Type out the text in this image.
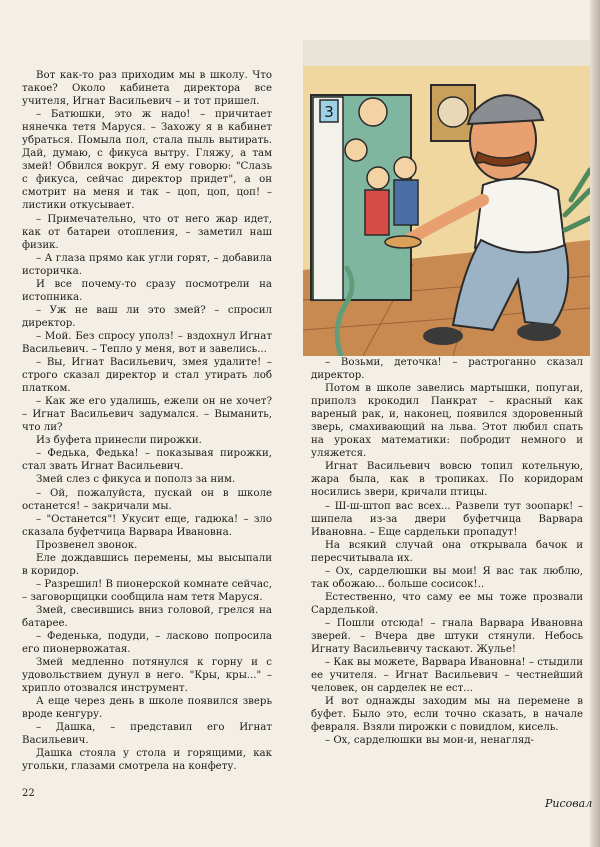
3

Вот как-то раз приходим мы в школу. Что такое? Около кабинета директора все учителя, Игнат Васильевич – и тот пришел.

– Батюшки, это ж надо! – причитает нянечка тетя Маруся. – Захожу я в кабинет убраться. Помыла пол, стала пыль вытирать. Дай, думаю, с фикуса вытру. Гляжу, а там змей! Обвился вокруг. Я ему говорю: "Слазь с фикуса, сейчас директор придет", а он смотрит на меня и так – цоп, цоп, цоп! – листики откусывает.

– Примечательно, что от него жар идет, как от батареи отопления, – заметил наш физик.

– А глаза прямо как угли горят, – добавила историчка.

И все почему-то сразу посмотрели на истопника.

– Уж не ваш ли это змей? – спросил директор.

– Мой. Без спросу уполз! – вздохнул Игнат Васильевич. – Тепло у меня, вот и завелись...

– Вы, Игнат Васильевич, змея удалите! – строго сказал директор и стал утирать лоб платком.

– Как же его удалишь, ежели он не хочет? – Игнат Васильевич задумался. – Выманить, что ли?

Из буфета принесли пирожки.

– Федька, Федька! – показывая пирожки, стал звать Игнат Васильевич.

Змей слез с фикуса и пополз за ним.

– Ой, пожалуйста, пускай он в школе останется! – закричали мы.

– "Останется"! Укусит еще, гадюка! – зло сказала буфетчица Варвара Ивановна.

Прозвенел звонок.

Еле дождавшись перемены, мы высыпали в коридор.

– Разрешил! В пионерской комнате сейчас, – заговорщицки сообщила нам тетя Маруся.

Змей, свесившись вниз головой, грелся на батарее.

– Феденька, подуди, – ласково попросила его пионервожатая.

Змей медленно потянулся к горну и с удовольствием дунул в него. "Кры, кры..." – хрипло отозвался инструмент.

А еще через день в школе появился зверь вроде кенгуру.

– Дашка, – представил его Игнат Васильевич.

Дашка стояла у стола и горящими, как угольки, глазами смотрела на конфету.

– Возьми, деточка! – растроганно сказал директор.

Потом в школе завелись мартышки, попугаи, приполз крокодил Панкрат – красный как вареный рак, и, наконец, появился здоровенный зверь, смахивающий на льва. Этот любил спать на уроках математики: побродит немного и уляжется.

Игнат Васильевич вовсю топил котельную, жара была, как в тропиках. По коридорам носились звери, кричали птицы.

– Ш-ш-штоп вас всех... Развели тут зоопарк! – шипела из-за двери буфетчица Варвара Ивановна. – Еще сардельки пропадут!

На всякий случай она открывала бачок и пересчитывала их.

– Ох, сарделюшки вы мои! Я вас так люблю, так обожаю... больше сосисок!..

Естественно, что саму ее мы тоже прозвали Сарделькой.

– Пошли отсюда! – гнала Варвара Ивановна зверей. – Вчера две штуки стянули. Небось Игнату Васильевичу таскают. Жулье!

– Как вы можете, Варвара Ивановна! – стыдили ее учителя. – Игнат Васильевич – честнейший человек, он сарделек не ест...

И вот однажды заходим мы на перемене в буфет. Было это, если точно сказать, в начале февраля. Взяли пирожки с повидлом, кисель.

– Ох, сарделюшки вы мои-и, ненагляд-

22
Рисовал
